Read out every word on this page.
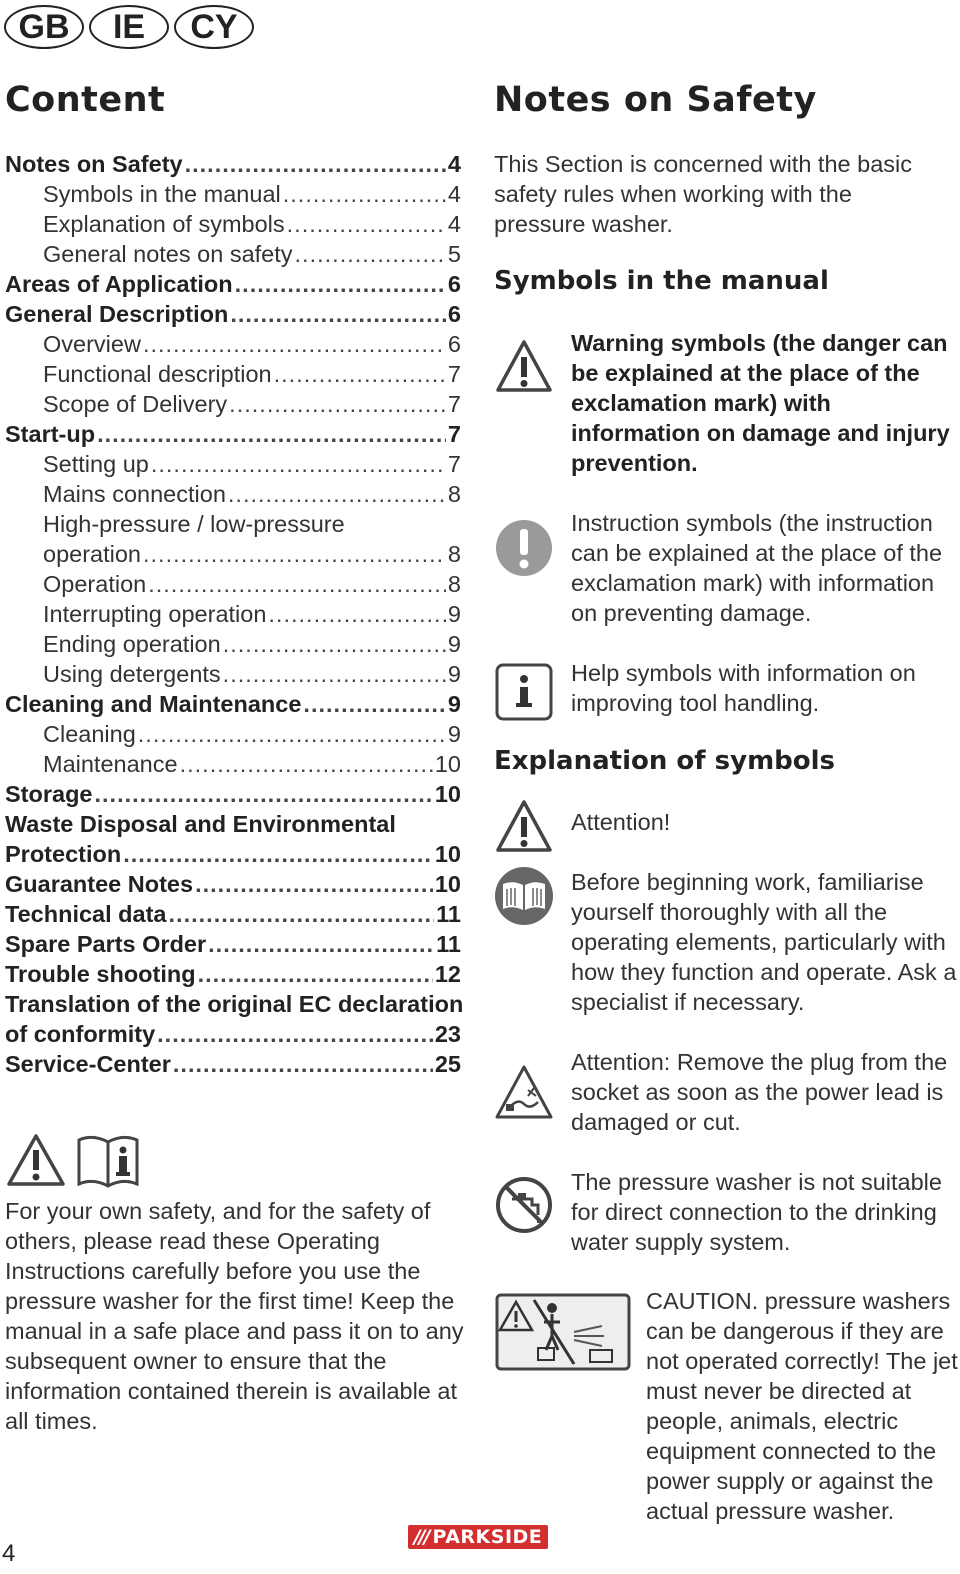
GB	IE	CY
Content	Notes on Safety
Notes on Safety .....	4
Symbols in the manual .....	4
Explanation of symbols .....	4
General notes on safety .....	5
Areas of Application .....	6
General Description .....	6
Overview .....	6
Functional description .....	7
Scope of Delivery .....	7
Start-up .....	7
Setting up .....	7
Mains connection .....	8
High-pressure / low-pressure
operation .....	8
Operation .....	8
Interrupting operation .....	9
Ending operation .....	9
Using detergents .....	9
Cleaning and Maintenance .....	9
Cleaning .....	9
Maintenance .....	10
Storage .....	10
Waste Disposal and Environmental
Protection .....	10
Guarantee Notes .....	10
Technical data .....	11
Spare Parts Order .....	11
Trouble shooting .....	12
Translation of the original EC declaration
of conformity .....	23
Service-Center .....	25

For your own safety, and for the safety of others, please read these Operating Instructions carefully before you use the pressure washer for the first time! Keep the manual in a safe place and pass it on to any subsequent owner to ensure that the information contained therein is available at all times.

This Section is concerned with the basic safety rules when working with the pressure washer.

Symbols in the manual

Warning symbols (the danger can be explained at the place of the exclamation mark) with information on damage and injury prevention.

Instruction symbols (the instruction can be explained at the place of the exclamation mark) with information on preventing damage.

Help symbols with information on improving tool handling.

Explanation of symbols

Attention!

Before beginning work, familiarise yourself thoroughly with all the operating elements, particularly with how they function and operate. Ask a specialist if necessary.

Attention: Remove the plug from the socket as soon as the power lead is damaged or cut.

The pressure washer is not suitable for direct connection to the drinking water supply system.

CAUTION. pressure washers can be dangerous if they are not operated correctly! The jet must never be directed at people, animals, electric equipment connected to the power supply or against the actual pressure washer.

4
/// PARKSIDE
